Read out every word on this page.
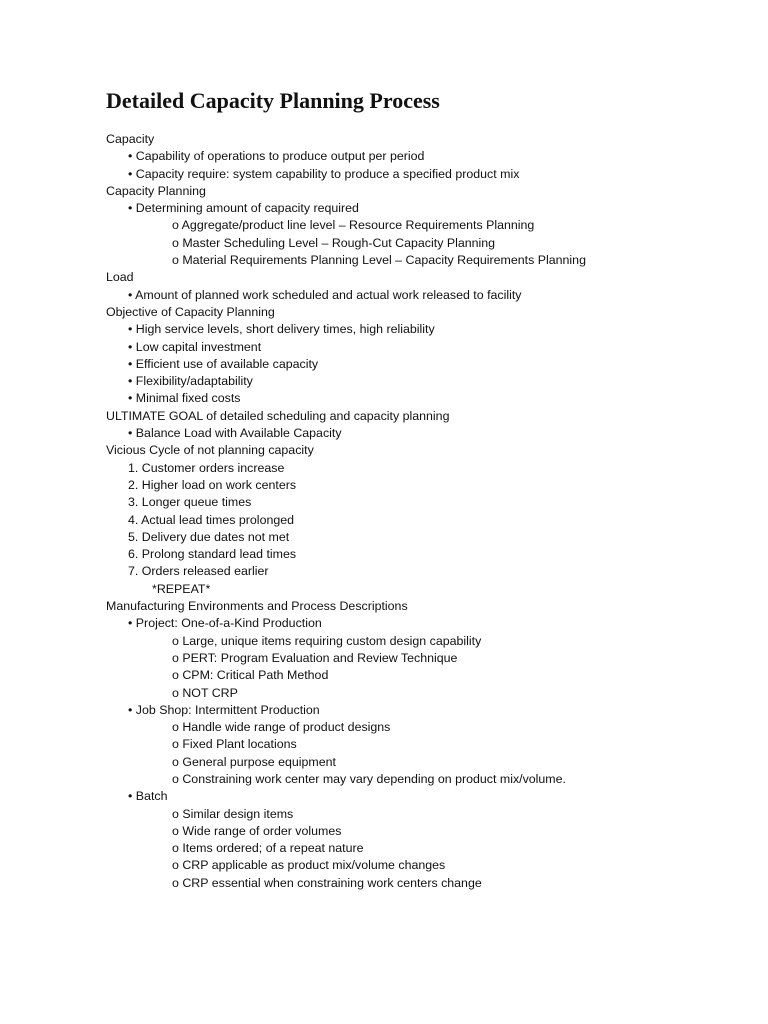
Detailed Capacity Planning Process
Capacity
• Capability of operations to produce output per period
• Capacity require: system capability to produce a specified product mix
Capacity Planning
• Determining amount of capacity required
o Aggregate/product line level – Resource Requirements Planning
o Master Scheduling Level – Rough-Cut Capacity Planning
o Material Requirements Planning Level – Capacity Requirements Planning
Load
• Amount of planned work scheduled and actual work released to facility
Objective of Capacity Planning
• High service levels, short delivery times, high reliability
• Low capital investment
• Efficient use of available capacity
• Flexibility/adaptability
• Minimal fixed costs
ULTIMATE GOAL of detailed scheduling and capacity planning
• Balance Load with Available Capacity
Vicious Cycle of not planning capacity
1. Customer orders increase
2. Higher load on work centers
3. Longer queue times
4. Actual lead times prolonged
5. Delivery due dates not met
6. Prolong standard lead times
7. Orders released earlier
*REPEAT*
Manufacturing Environments and Process Descriptions
• Project: One-of-a-Kind Production
o Large, unique items requiring custom design capability
o PERT: Program Evaluation and Review Technique
o CPM: Critical Path Method
o NOT CRP
• Job Shop: Intermittent Production
o Handle wide range of product designs
o Fixed Plant locations
o General purpose equipment
o Constraining work center may vary depending on product mix/volume.
• Batch
o Similar design items
o Wide range of order volumes
o Items ordered; of a repeat nature
o CRP applicable as product mix/volume changes
o CRP essential when constraining work centers change
